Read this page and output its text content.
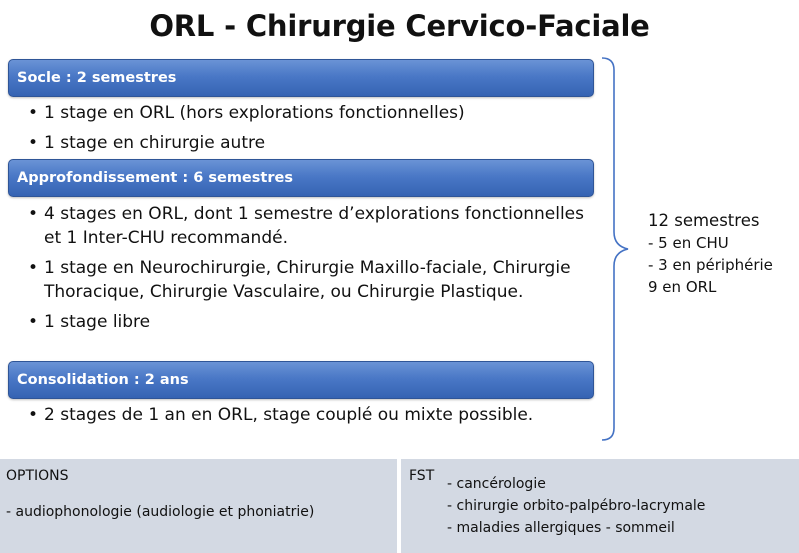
ORL - Chirurgie Cervico-Faciale
Socle : 2 semestres
• 1 stage en ORL (hors explorations fonctionnelles)
• 1 stage en chirurgie autre
Approfondissement : 6 semestres
• 4 stages en ORL, dont 1 semestre d’explorations fonctionnelles et 1 Inter-CHU recommandé.
• 1 stage en Neurochirurgie, Chirurgie Maxillo-faciale, Chirurgie Thoracique, Chirurgie Vasculaire, ou Chirurgie Plastique.
• 1 stage libre
Consolidation : 2 ans
• 2 stages de 1 an en ORL, stage couplé ou mixte possible.
12 semestres
- 5 en CHU
- 3 en périphérie
9 en ORL
OPTIONS
- audiophonologie (audiologie et phoniatrie)
FST - cancérologie
- chirurgie orbito-palpébro-lacrymale
- maladies allergiques - sommeil
